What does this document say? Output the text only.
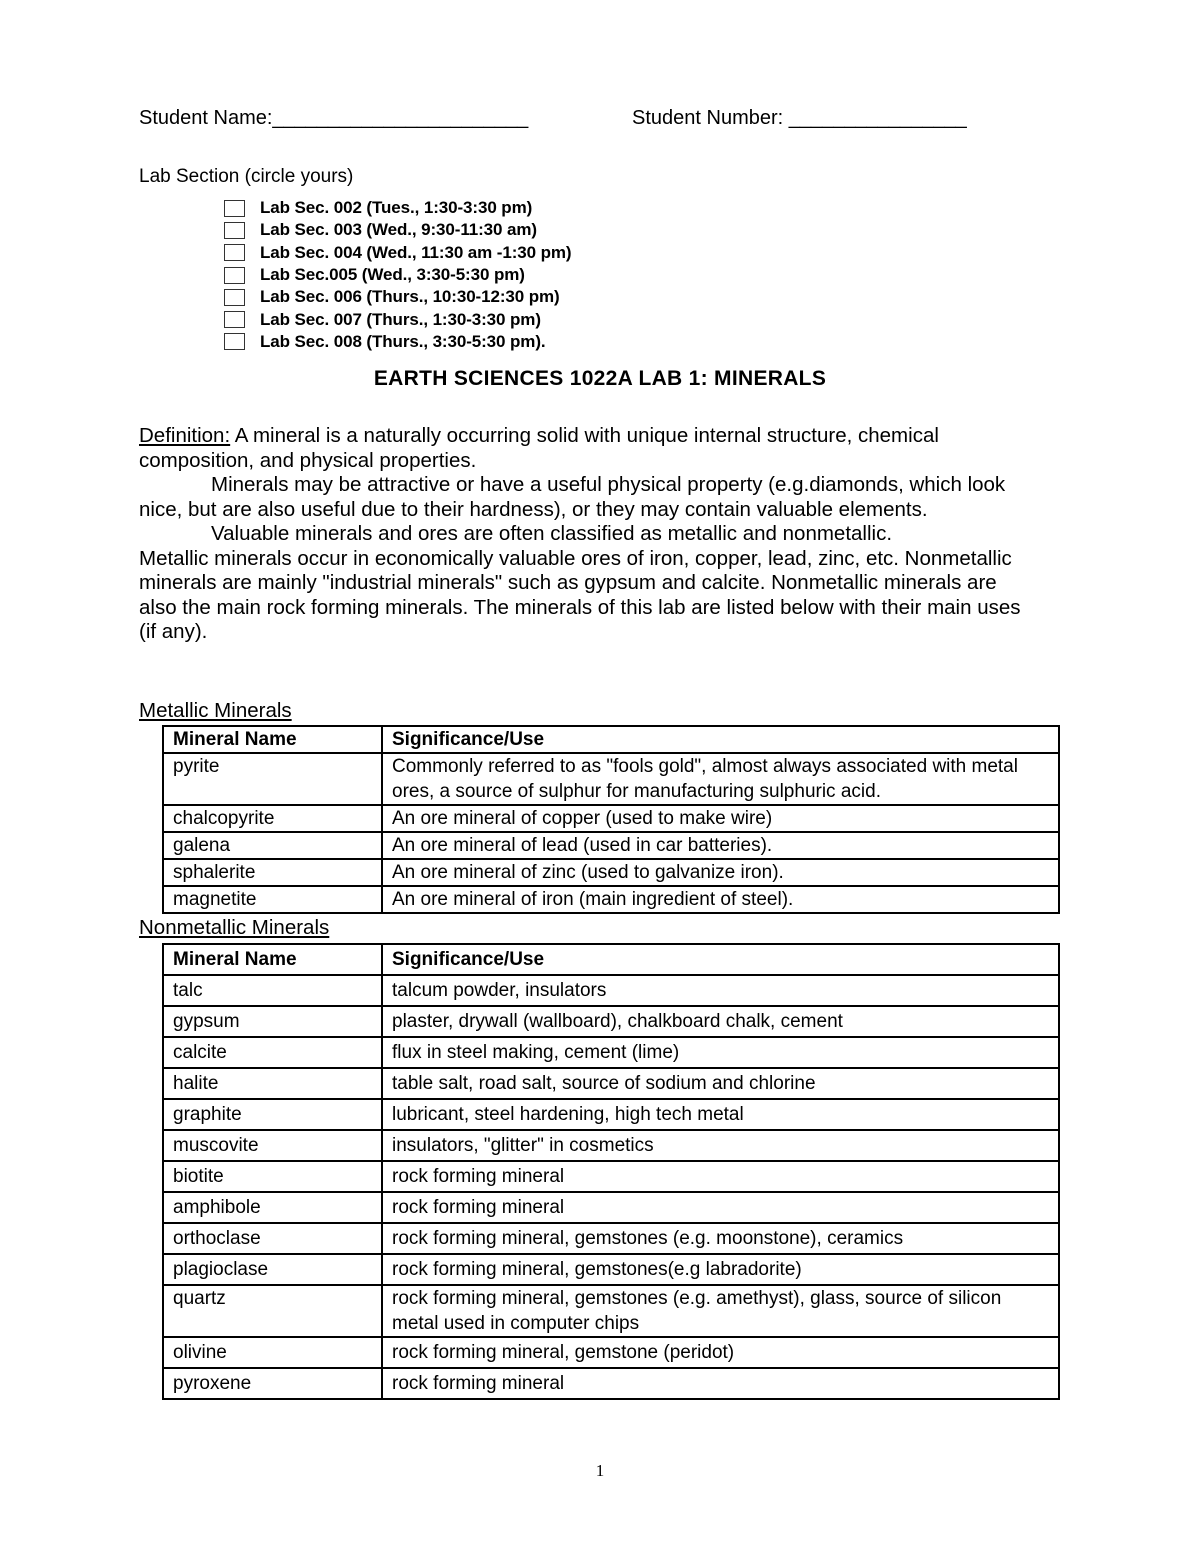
Student Name:_______________________	Student Number: ________________
Lab Section (circle yours)
Lab Sec. 002 (Tues., 1:30-3:30 pm)
Lab Sec. 003 (Wed., 9:30-11:30 am)
Lab Sec. 004 (Wed., 11:30 am -1:30 pm)
Lab Sec.005 (Wed., 3:30-5:30 pm)
Lab Sec. 006 (Thurs., 10:30-12:30 pm)
Lab Sec. 007 (Thurs., 1:30-3:30 pm)
Lab Sec. 008 (Thurs., 3:30-5:30 pm).
EARTH SCIENCES 1022A LAB 1: MINERALS

Definition: A mineral is a naturally occurring solid with unique internal structure, chemical composition, and physical properties.

Minerals may be attractive or have a useful physical property (e.g.diamonds, which look nice, but are also useful due to their hardness), or they may contain valuable elements.

Valuable minerals and ores are often classified as metallic and nonmetallic.

Metallic minerals occur in economically valuable ores of iron, copper, lead, zinc, etc. Nonmetallic minerals are mainly "industrial minerals" such as gypsum and calcite. Nonmetallic minerals are also the main rock forming minerals. The minerals of this lab are listed below with their main uses (if any).

Metallic Minerals
Mineral Name	Significance/Use
pyrite	Commonly referred to as "fools gold", almost always associated with metal ores, a source of sulphur for manufacturing sulphuric acid.
chalcopyrite	An ore mineral of copper (used to make wire)
galena	An ore mineral of lead (used in car batteries).
sphalerite	An ore mineral of zinc (used to galvanize iron).
magnetite	An ore mineral of iron (main ingredient of steel).
Nonmetallic Minerals
Mineral Name	Significance/Use
talc	talcum powder, insulators
gypsum	plaster, drywall (wallboard), chalkboard chalk, cement
calcite	flux in steel making, cement (lime)
halite	table salt, road salt, source of sodium and chlorine
graphite	lubricant, steel hardening, high tech metal
muscovite	insulators, "glitter" in cosmetics
biotite	rock forming mineral
amphibole	rock forming mineral
orthoclase	rock forming mineral, gemstones (e.g. moonstone), ceramics
plagioclase	rock forming mineral, gemstones(e.g labradorite)
quartz	rock forming mineral, gemstones (e.g. amethyst), glass, source of silicon metal used in computer chips
olivine	rock forming mineral, gemstone (peridot)
pyroxene	rock forming mineral
1
